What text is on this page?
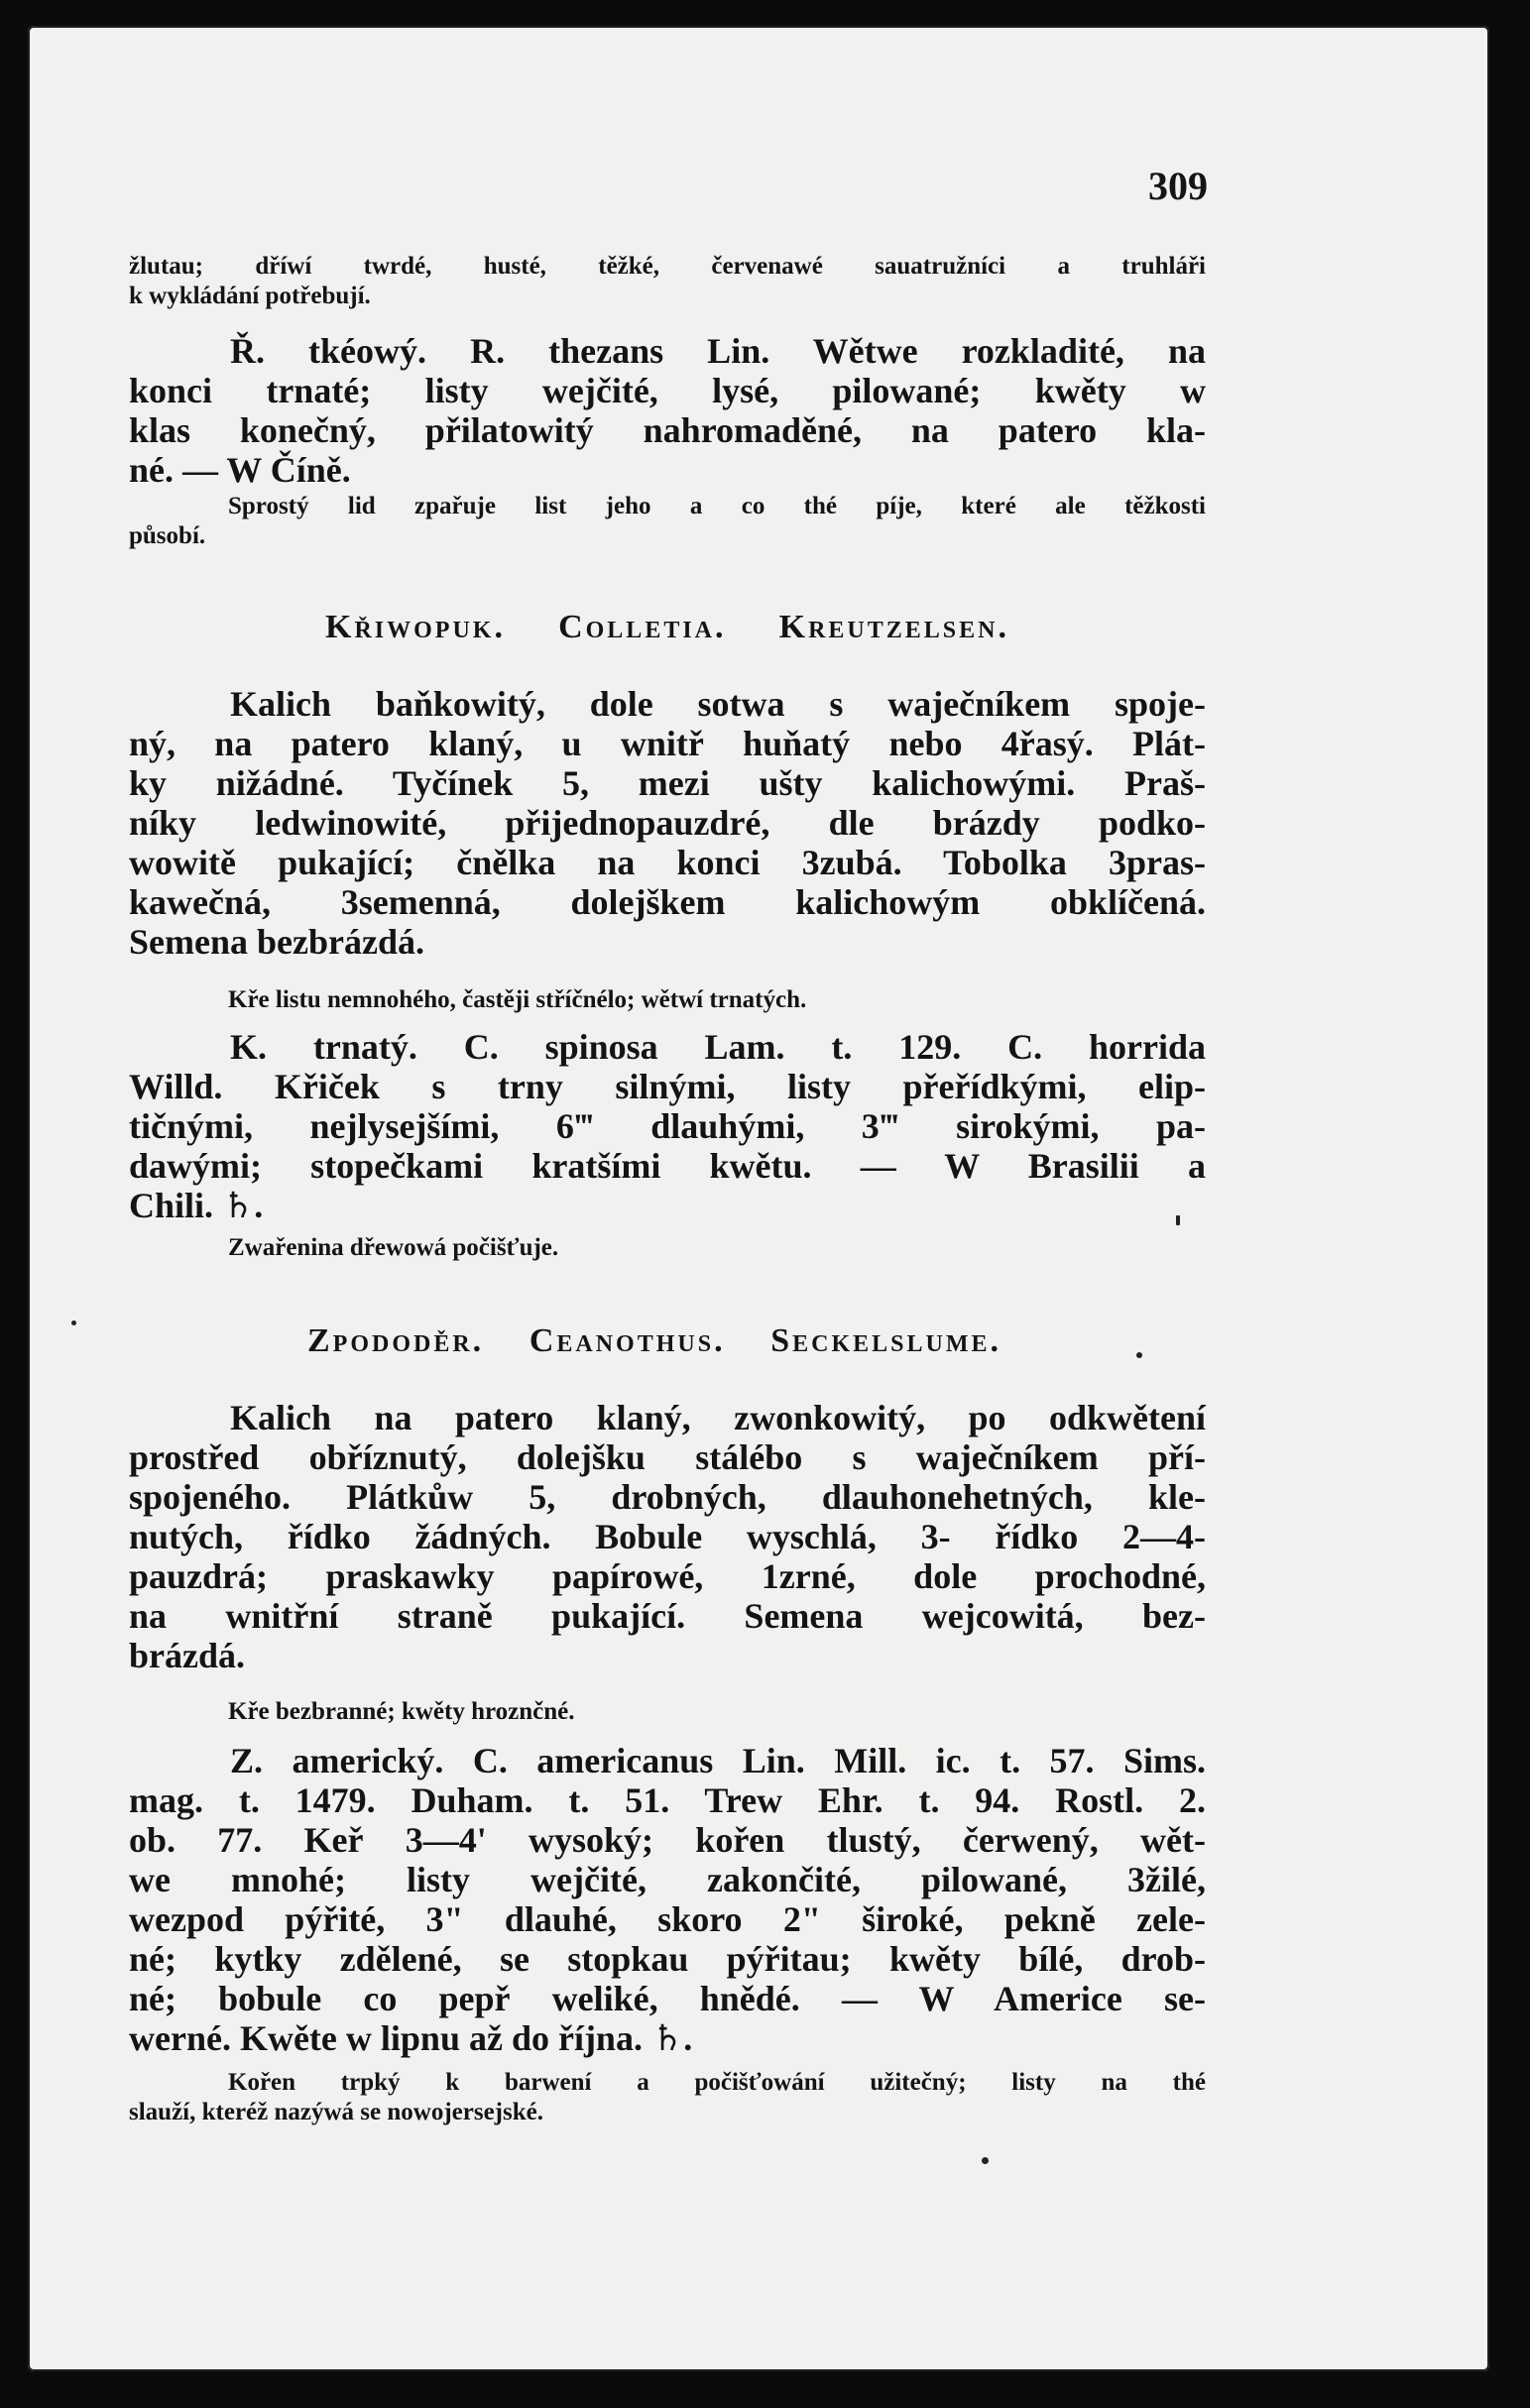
309
žlutau; dříwí twrdé, husté, těžké, červenawé sauatružníci a truhláři
k wykládání potřebují.
Ř. tkéowý. R. thezans Lin. Wětwe rozkladité, na
konci trnaté; listy wejčité, lysé, pilowané; kwěty w
klas konečný, přilatowitý nahromaděné, na patero kla-
né. — W Číně.
Sprostý lid zpařuje list jeho a co thé píje, které ale těžkosti
působí.
Křiwopuk. Colletia. Kreutzelsen.
Kalich baňkowitý, dole sotwa s waječníkem spoje-
ný, na patero klaný, u wnitř huňatý nebo 4řasý. Plát-
ky nižádné. Tyčínek 5, mezi ušty kalichowými. Praš-
níky ledwinowité, přijednopauzdré, dle brázdy podko-
wowitě pukající; čnělka na konci 3zubá. Tobolka 3pras-
kawečná, 3semenná, dolejškem kalichowým obklíčená.
Semena bezbrázdá.
Kře listu nemnohého, častěji stříčnélo; wětwí trnatých.
K. trnatý. C. spinosa Lam. t. 129. C. horrida
Willd. Křiček s trny silnými, listy přeřídkými, elip-
tičnými, nejlysejšími, 6‴ dlauhými, 3‴ sirokými, pa-
dawými; stopečkami kratšími kwětu. — W Brasilii a
Chili. ♄.
Zwařenina dřewowá počišťuje.
Zpododěr. Ceanothus. Seckelslume.
Kalich na patero klaný, zwonkowitý, po odkwětení
prostřed obříznutý, dolejšku stálébo s waječníkem pří-
spojeného. Plátkůw 5, drobných, dlauhonehetných, kle-
nutých, řídko žádných. Bobule wyschlá, 3- řídko 2—4-
pauzdrá; praskawky papírowé, 1zrné, dole prochodné,
na wnitřní straně pukající. Semena wejcowitá, bez-
brázdá.
Kře bezbranné; kwěty hroznčné.
Z. americký. C. americanus Lin. Mill. ic. t. 57. Sims.
mag. t. 1479. Duham. t. 51. Trew Ehr. t. 94. Rostl. 2.
ob. 77. Keř 3—4' wysoký; kořen tlustý, čerwený, wět-
we mnohé; listy wejčité, zakončité, pilowané, 3žilé,
wezpod pýřité, 3" dlauhé, skoro 2" široké, pekně zele-
né; kytky zdělené, se stopkau pýřitau; kwěty bílé, drob-
né; bobule co pepř weliké, hnědé. — W Americe se-
werné. Kwěte w lipnu až do října. ♄.
Kořen trpký k barwení a počišťowání užitečný; listy na thé
slauží, kteréž nazýwá se nowojersejské.
